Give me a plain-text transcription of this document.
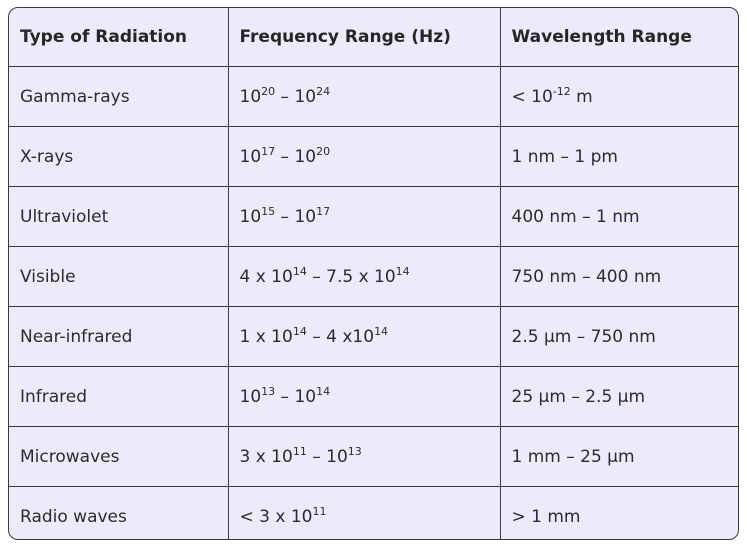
Type of Radiation	Frequency Range (Hz)	Wavelength Range
Gamma-rays	$10^{20} - 10^{24}$	< $10^{-12}$ m
X-rays	$10^{17} - 10^{20}$	1 nm – 1 pm
Ultraviolet	$10^{15} - 10^{17}$	400 nm – 1 nm
Visible	4 x $10^{14} - 7.5$ x $10^{14}$	750 nm – 400 nm
Near-infrared	1 x $10^{14} - 4$ $x10^{14}$	2.5 μm – 750 nm
Infrared	$10^{13} - 10^{14}$	25 μm – 2.5 μm
Microwaves	3 x $10^{11} - 10^{13}$	1 mm – 25 μm
Radio waves	< 3 x $10^{11}$	> 1 mm
